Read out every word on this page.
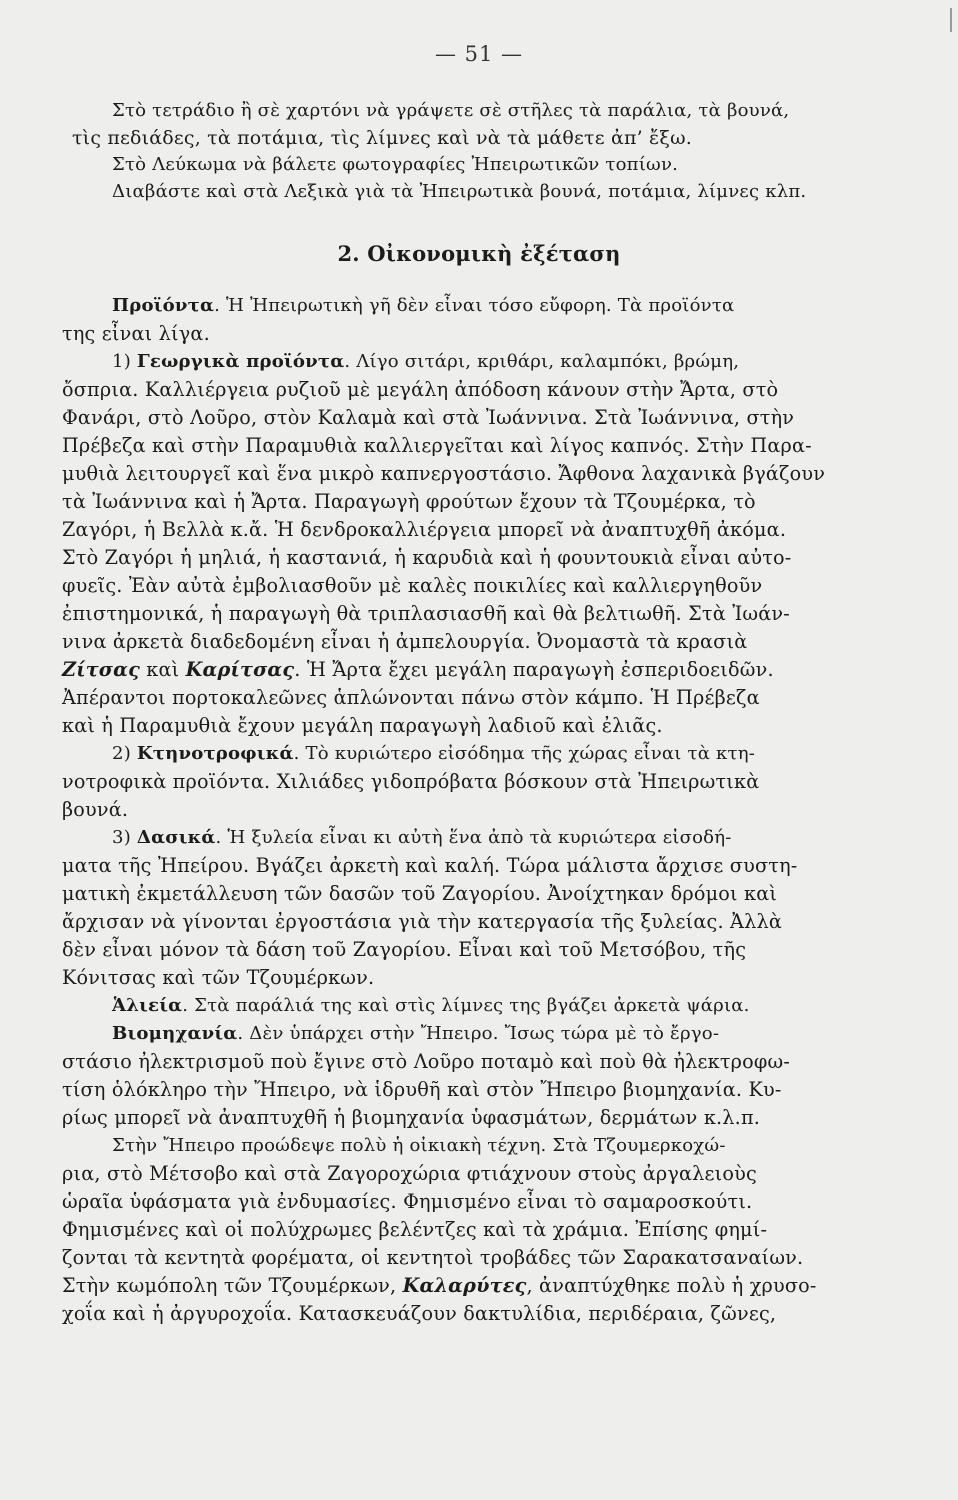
— 51 —
Στὸ τετράδιο ἢ σὲ χαρτόνι νὰ γράψετε σὲ στῆλες τὰ παράλια, τὰ βουνά,
τὶς πεδιάδες, τὰ ποτάμια, τὶς λίμνες καὶ νὰ τὰ μάθετε ἀπ’ ἔξω.
Στὸ Λεύκωμα νὰ βάλετε φωτογραφίες Ἠπειρωτικῶν τοπίων.
Διαβάστε καὶ στὰ Λεξικὰ γιὰ τὰ Ἠπειρωτικὰ βουνά, ποτάμια, λίμνες κλπ.
2. Οἰκονομικὴ ἐξέταση
Προϊόντα. Ἡ Ἠπειρωτικὴ γῆ δὲν εἶναι τόσο εὔφορη. Τὰ προϊόντα
της εἶναι λίγα.
1) Γεωργικὰ προϊόντα. Λίγο σιτάρι, κριθάρι, καλαμπόκι, βρώμη,
ὄσπρια. Καλλιέργεια ρυζιοῦ μὲ μεγάλη ἀπόδοση κάνουν στὴν Ἄρτα, στὸ
Φανάρι, στὸ Λοῦρο, στὸν Καλαμὰ καὶ στὰ Ἰωάννινα. Στὰ Ἰωάννινα, στὴν
Πρέβεζα καὶ στὴν Παραμυθιὰ καλλιεργεῖται καὶ λίγος καπνός. Στὴν Παρα-
μυθιὰ λειτουργεῖ καὶ ἕνα μικρὸ καπνεργοστάσιο. Ἄφθονα λαχανικὰ βγάζουν
τὰ Ἰωάννινα καὶ ἡ Ἄρτα. Παραγωγὴ φρούτων ἔχουν τὰ Τζουμέρκα, τὸ
Ζαγόρι, ἡ Βελλὰ κ.ἄ. Ἡ δενδροκαλλιέργεια μπορεῖ νὰ ἀναπτυχθῆ ἀκόμα.
Στὸ Ζαγόρι ἡ μηλιά, ἡ καστανιά, ἡ καρυδιὰ καὶ ἡ φουντουκιὰ εἶναι αὐτο-
φυεῖς. Ἐὰν αὐτὰ ἐμβολιασθοῦν μὲ καλὲς ποικιλίες καὶ καλλιεργηθοῦν
ἐπιστημονικά, ἡ παραγωγὴ θὰ τριπλασιασθῆ καὶ θὰ βελτιωθῆ. Στὰ Ἰωάν-
νινα ἀρκετὰ διαδεδομένη εἶναι ἡ ἀμπελουργία. Ὀνομαστὰ τὰ κρασιὰ
Ζίτσας καὶ Καρίτσας. Ἡ Ἄρτα ἔχει μεγάλη παραγωγὴ ἐσπεριδοειδῶν.
Ἀπέραντοι πορτοκαλεῶνες ἁπλώνονται πάνω στὸν κάμπο. Ἡ Πρέβεζα
καὶ ἡ Παραμυθιὰ ἔχουν μεγάλη παραγωγὴ λαδιοῦ καὶ ἐλιᾶς.
2) Κτηνοτροφικά. Τὸ κυριώτερο εἰσόδημα τῆς χώρας εἶναι τὰ κτη-
νοτροφικὰ προϊόντα. Χιλιάδες γιδοπρόβατα βόσκουν στὰ Ἠπειρωτικὰ
βουνά.
3) Δασικά. Ἡ ξυλεία εἶναι κι αὐτὴ ἕνα ἀπὸ τὰ κυριώτερα εἰσοδή-
ματα τῆς Ἠπείρου. Βγάζει ἀρκετὴ καὶ καλή. Τώρα μάλιστα ἄρχισε συστη-
ματικὴ ἐκμετάλλευση τῶν δασῶν τοῦ Ζαγορίου. Ἀνοίχτηκαν δρόμοι καὶ
ἄρχισαν νὰ γίνονται ἐργοστάσια γιὰ τὴν κατεργασία τῆς ξυλείας. Ἀλλὰ
δὲν εἶναι μόνον τὰ δάση τοῦ Ζαγορίου. Εἶναι καὶ τοῦ Μετσόβου, τῆς
Κόνιτσας καὶ τῶν Τζουμέρκων.
Ἁλιεία. Στὰ παράλιά της καὶ στὶς λίμνες της βγάζει ἀρκετὰ ψάρια.
Βιομηχανία. Δὲν ὑπάρχει στὴν Ἤπειρο. Ἴσως τώρα μὲ τὸ ἔργο-
στάσιο ἠλεκτρισμοῦ ποὺ ἔγινε στὸ Λοῦρο ποταμὸ καὶ ποὺ θὰ ἠλεκτροφω-
τίση ὁλόκληρο τὴν Ἤπειρο, νὰ ἱδρυθῆ καὶ στὸν Ἤπειρο βιομηχανία. Κυ-
ρίως μπορεῖ νὰ ἀναπτυχθῆ ἡ βιομηχανία ὑφασμάτων, δερμάτων κ.λ.π.
Στὴν Ἤπειρο προώδεψε πολὺ ἡ οἰκιακὴ τέχνη. Στὰ Τζουμερκοχώ-
ρια, στὸ Μέτσοβο καὶ στὰ Ζαγοροχώρια φτιάχνουν στοὺς ἀργαλειοὺς
ὡραῖα ὑφάσματα γιὰ ἐνδυμασίες. Φημισμένο εἶναι τὸ σαμαροσκούτι.
Φημισμένες καὶ οἱ πολύχρωμες βελέντζες καὶ τὰ χράμια. Ἐπίσης φημί-
ζονται τὰ κεντητὰ φορέματα, οἱ κεντητοὶ τροβάδες τῶν Σαρακατσαναίων.
Στὴν κωμόπολη τῶν Τζουμέρκων, Καλαρύτες, ἀναπτύχθηκε πολὺ ἡ χρυσο-
χοΐα καὶ ἡ ἀργυροχοΐα. Κατασκευάζουν δακτυλίδια, περιδέραια, ζῶνες,
